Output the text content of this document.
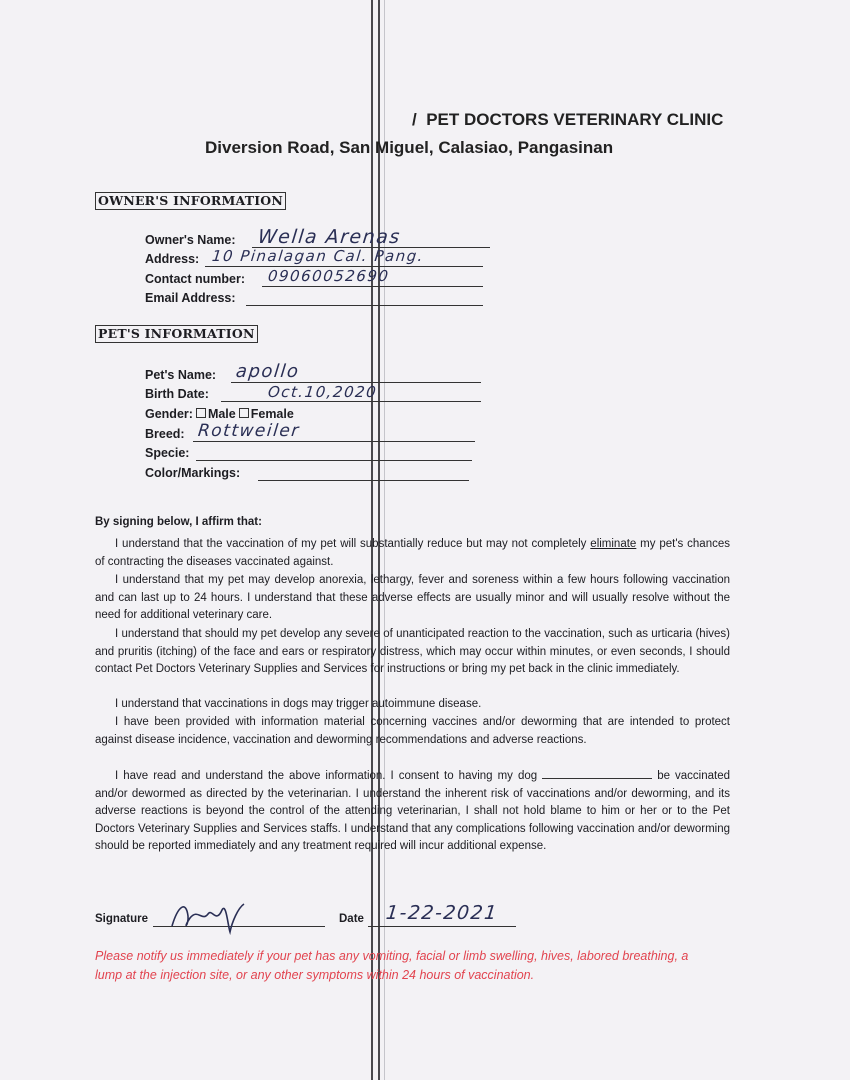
/ PET DOCTORS VETERINARY CLINIC
Diversion Road, San Miguel, Calasiao, Pangasinan
OWNER'S INFORMATION
Owner's Name: Wella Arenas
Address: 10 Pinalagan Cal. Pang.
Contact number: 09060052690
Email Address:
PET'S INFORMATION
Pet's Name: apollo
Birth Date:	Oct.10,2020
Gender: Male Female
Breed: Rottweiler
Specie:
Color/Markings:
By signing below, I affirm that:

I understand that the vaccination of my pet will substantially reduce but may not completely eliminate my pet's chances of contracting the diseases vaccinated against.

I understand that my pet may develop anorexia, lethargy, fever and soreness within a few hours following vaccination and can last up to 24 hours. I understand that these adverse effects are usually minor and will usually resolve without the need for additional veterinary care.

I understand that should my pet develop any severe of unanticipated reaction to the vaccination, such as urticaria (hives) and pruritis (itching) of the face and ears or respiratory distress, which may occur within minutes, or even seconds, I should contact Pet Doctors Veterinary Supplies and Services for instructions or bring my pet back in the clinic immediately.

I understand that vaccinations in dogs may trigger autoimmune disease.

I have been provided with information material concerning vaccines and/or deworming that are intended to protect against disease incidence, vaccination and deworming recommendations and adverse reactions.

I have read and understand the above information. I consent to having my dog	be vaccinated and/or dewormed as directed by the veterinarian. I understand the inherent risk of vaccinations and/or deworming, and its adverse reactions is beyond the control of the attending veterinarian, I shall not hold blame to him or her or to the Pet Doctors Veterinary Supplies and Services staffs. I understand that any complications following vaccination and/or deworming should be reported immediately and any treatment required will incur additional expense.

Signature	Date 1-22-2021
Please notify us immediately if your pet has any vomiting, facial or limb swelling, hives, labored breathing, a lump at the injection site, or any other symptoms within 24 hours of vaccination.
